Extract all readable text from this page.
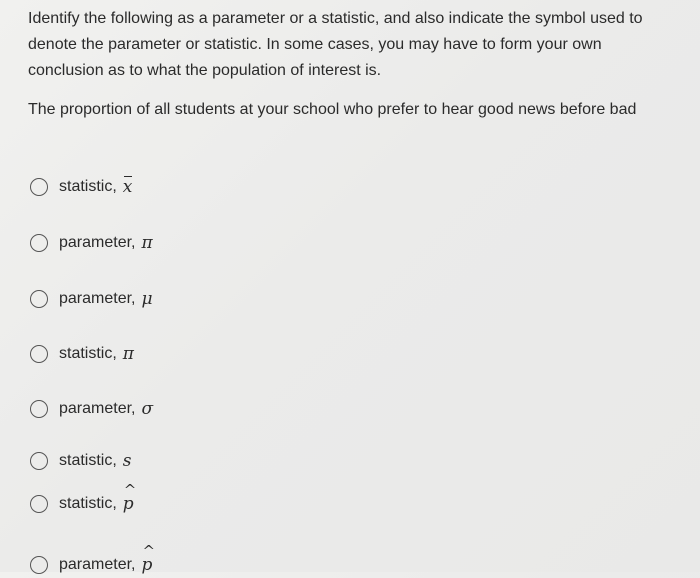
Identify the following as a parameter or a statistic, and also indicate the symbol used to denote the parameter or statistic. In some cases, you may have to form your own conclusion as to what the population of interest is.
The proportion of all students at your school who prefer to hear good news before bad
statistic, x
parameter, π
parameter, μ
statistic, π
parameter, σ
statistic, s
statistic,
^
p
parameter,
^
p
